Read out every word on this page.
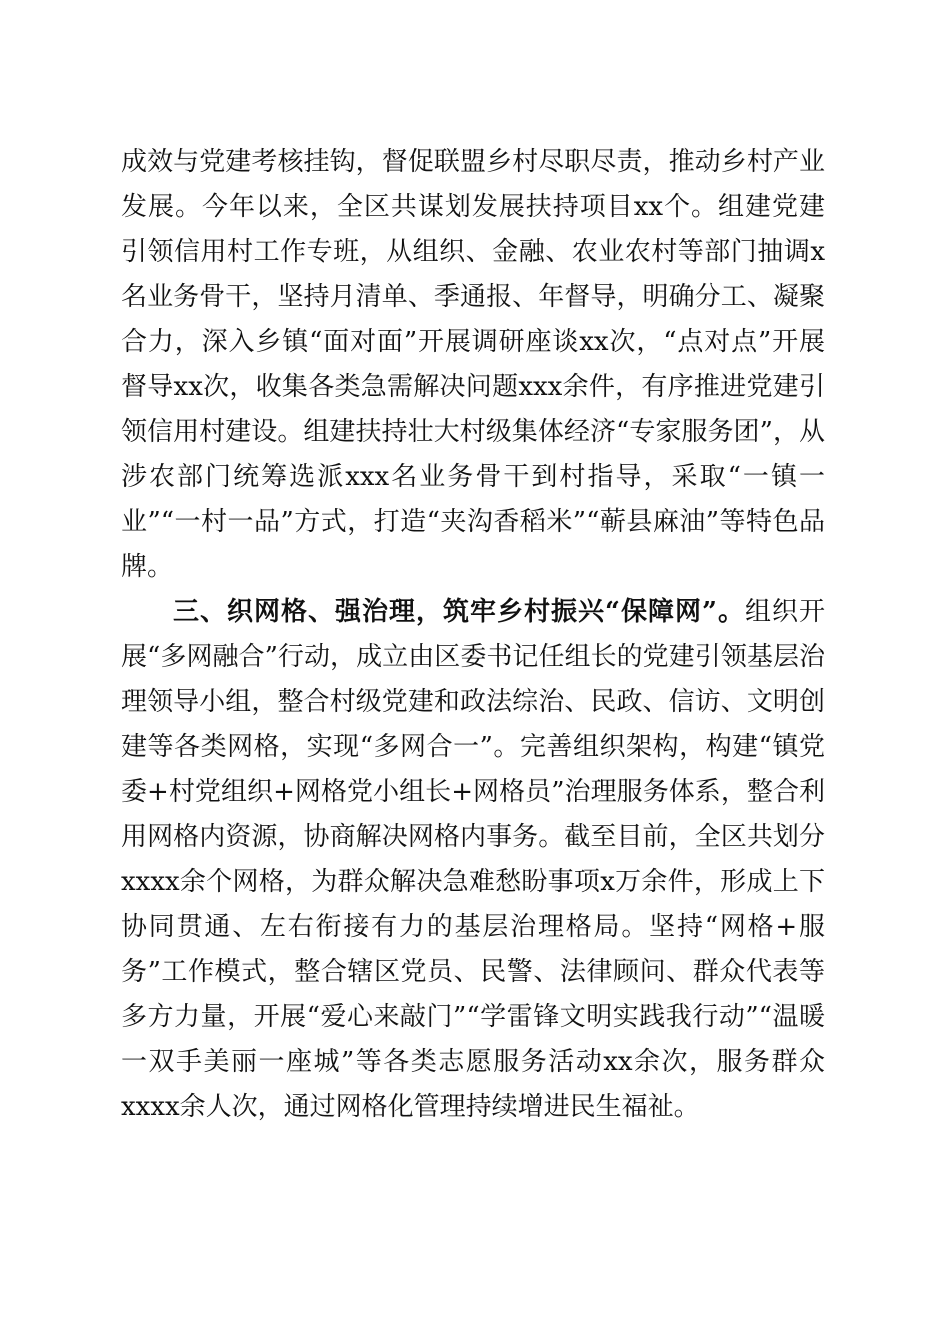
成效与党建考核挂钩，督促联盟乡村尽职尽责，推动乡村产业发展。今年以来，全区共谋划发展扶持项目xx个。组建党建引领信用村工作专班，从组织、金融、农业农村等部门抽调x名业务骨干，坚持月清单、季通报、年督导，明确分工、凝聚合力，深入乡镇“面对面”开展调研座谈xx次，“点对点”开展督导xx次，收集各类急需解决问题xxx余件，有序推进党建引领信用村建设。组建扶持壮大村级集体经济“专家服务团”，从涉农部门统筹选派xxx名业务骨干到村指导，采取“一镇一业”“一村一品”方式，打造“夹沟香稻米”“蕲县麻油”等特色品牌。

三、织网格、强治理，筑牢乡村振兴“保障网”。组织开展“多网融合”行动，成立由区委书记任组长的党建引领基层治理领导小组，整合村级党建和政法综治、民政、信访、文明创建等各类网格，实现“多网合一”。完善组织架构，构建“镇党委+村党组织+网格党小组长+网格员”治理服务体系，整合利用网格内资源，协商解决网格内事务。截至目前，全区共划分xxxx余个网格，为群众解决急难愁盼事项x万余件，形成上下协同贯通、左右衔接有力的基层治理格局。坚持“网格+服务”工作模式，整合辖区党员、民警、法律顾问、群众代表等多方力量，开展“爱心来敲门”“学雷锋文明实践我行动”“温暖一双手美丽一座城”等各类志愿服务活动xx余次，服务群众xxxx余人次，通过网格化管理持续增进民生福祉。
